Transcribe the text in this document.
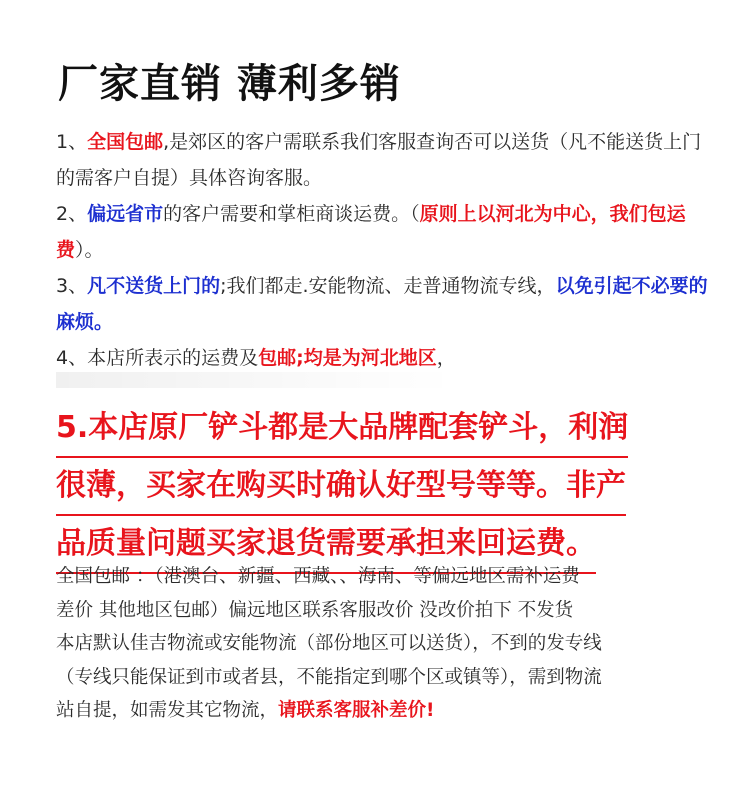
厂家直销 薄利多销

1、全国包邮,是郊区的客户需联系我们客服查询否可以送货（凡不能送货上门的需客户自提）具体咨询客服。

2、偏远省市的客户需要和掌柜商谈运费。（原则上以河北为中心，我们包运费）。

3、凡不送货上门的;我们都走.安能物流、走普通物流专线，以免引起不必要的麻烦。

4、本店所表示的运费及包邮;均是为河北地区，

5.本店原厂铲斗都是大品牌配套铲斗，利润
很薄，买家在购买时确认好型号等等。非产
品质量问题买家退货需要承担来回运费。

全国包邮 ：（港澳台、新疆、西藏、、海南、等偏远地区需补运费

差价 其他地区包邮）偏远地区联系客服改价 没改价拍下 不发货

本店默认佳吉物流或安能物流（部份地区可以送货），不到的发专线

（专线只能保证到市或者县，不能指定到哪个区或镇等），需到物流

站自提，如需发其它物流，请联系客服补差价!
